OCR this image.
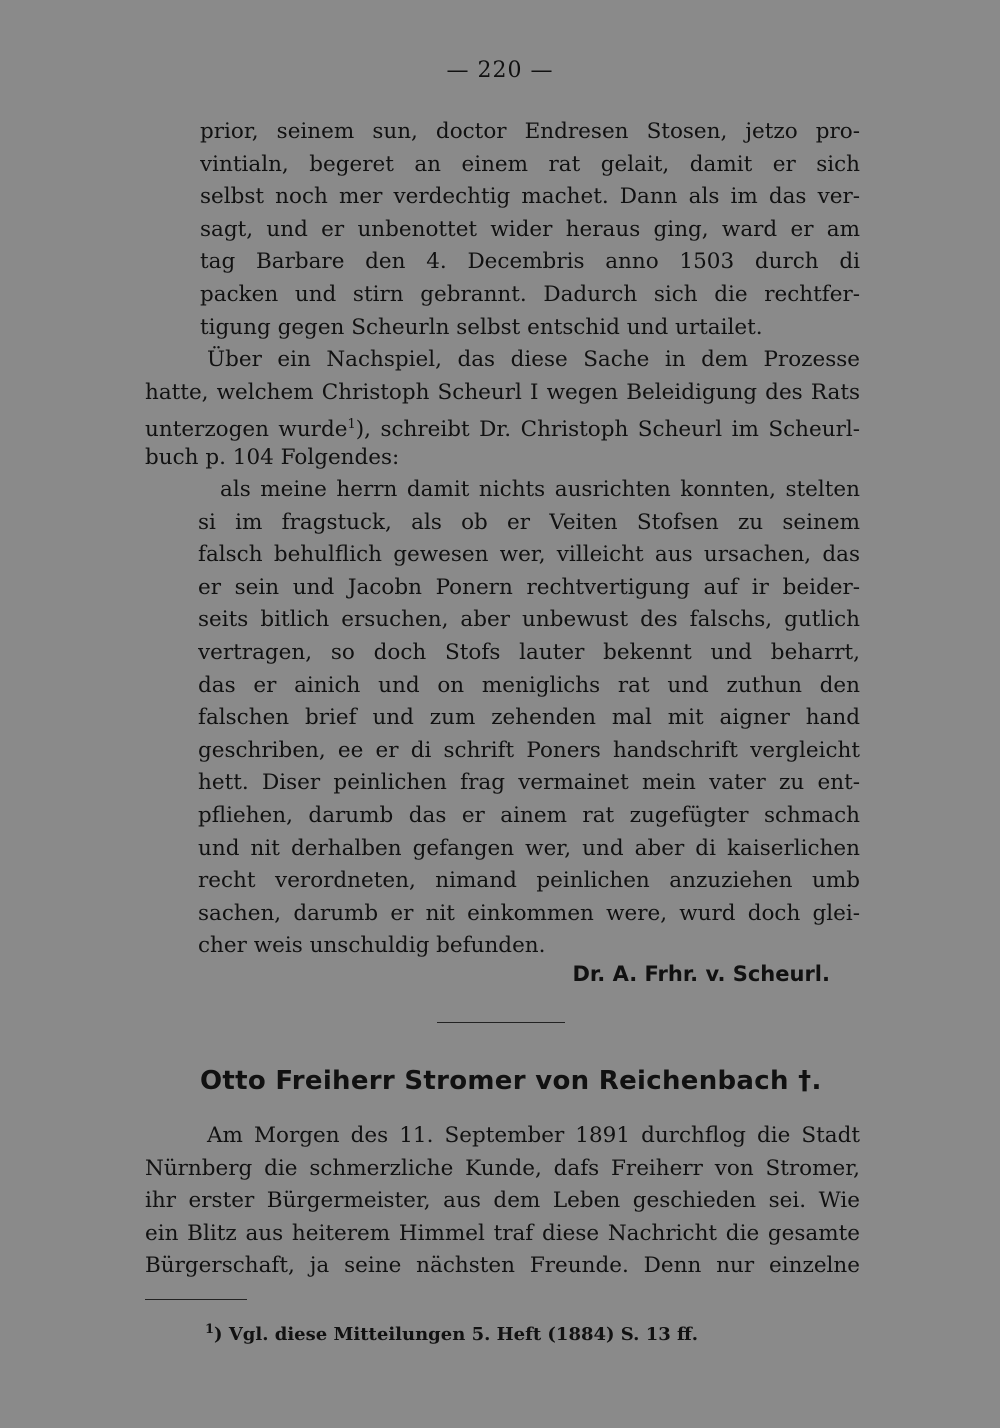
— 220 —
prior, seinem sun, doctor Endresen Stosen, jetzo pro-
vintialn, begeret an einem rat gelait, damit er sich
selbst noch mer verdechtig machet. Dann als im das ver-
sagt, und er unbenottet wider heraus ging, ward er am
tag Barbare den 4. Decembris anno 1503 durch di
packen und stirn gebrannt. Dadurch sich die rechtfer-
tigung gegen Scheurln selbst entschid und urtailet.
Über ein Nachspiel, das diese Sache in dem Prozesse
hatte, welchem Christoph Scheurl I wegen Beleidigung des Rats
unterzogen wurde$^1$), schreibt Dr. Christoph Scheurl im Scheurl-
buch p. 104 Folgendes:
als meine herrn damit nichts ausrichten konnten, stelten
si im fragstuck, als ob er Veiten Stofsen zu seinem
falsch behulflich gewesen wer, villeicht aus ursachen, das
er sein und Jacobn Ponern rechtvertigung auf ir beider-
seits bitlich ersuchen, aber unbewust des falschs, gutlich
vertragen, so doch Stofs lauter bekennt und beharrt,
das er ainich und on meniglichs rat und zuthun den
falschen brief und zum zehenden mal mit aigner hand
geschriben, ee er di schrift Poners handschrift vergleicht
hett. Diser peinlichen frag vermainet mein vater zu ent-
pfliehen, darumb das er ainem rat zugefügter schmach
und nit derhalben gefangen wer, und aber di kaiserlichen
recht verordneten, nimand peinlichen anzuziehen umb
sachen, darumb er nit einkommen were, wurd doch glei-
cher weis unschuldig befunden.
Dr. A. Frhr. v. Scheurl.
Otto Freiherr Stromer von Reichenbach †.
Am Morgen des 11. September 1891 durchflog die Stadt
Nürnberg die schmerzliche Kunde, dafs Freiherr von Stromer,
ihr erster Bürgermeister, aus dem Leben geschieden sei. Wie
ein Blitz aus heiterem Himmel traf diese Nachricht die gesamte
Bürgerschaft, ja seine nächsten Freunde. Denn nur einzelne
$^1$) Vgl. diese Mitteilungen 5. Heft (1884) S. 13 ff.
